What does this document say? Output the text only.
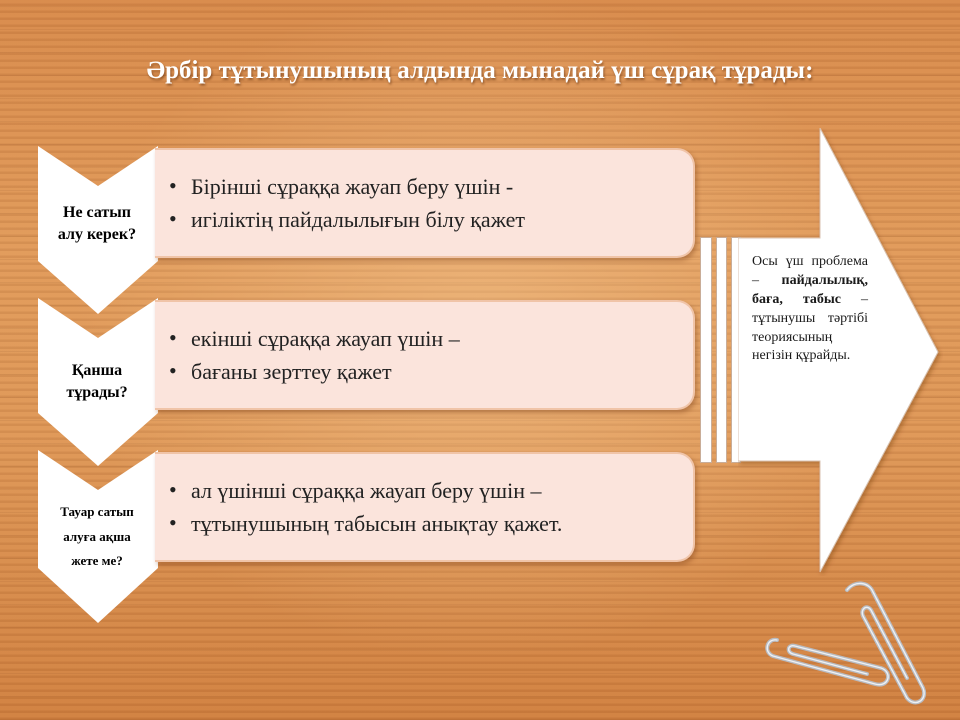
Әрбір тұтынушының алдында мынадай үш сұрақ тұрады:
Не сатып
алу керек?
• Бірінші сұраққа жауап беру үшін -
• игіліктің пайдалылығын білу қажет
Қанша
тұрады?
• екінші сұраққа жауап үшін –
• бағаны зерттеу қажет
Тауар сатып
алуға ақша
жете ме?
• ал үшінші сұраққа жауап беру үшін –
• тұтынушының табысын анықтау қажет.
Осы үш проблема – пайдалылық, баға, табыс – тұтынушы тәртібі теориясының негізін құрайды.
